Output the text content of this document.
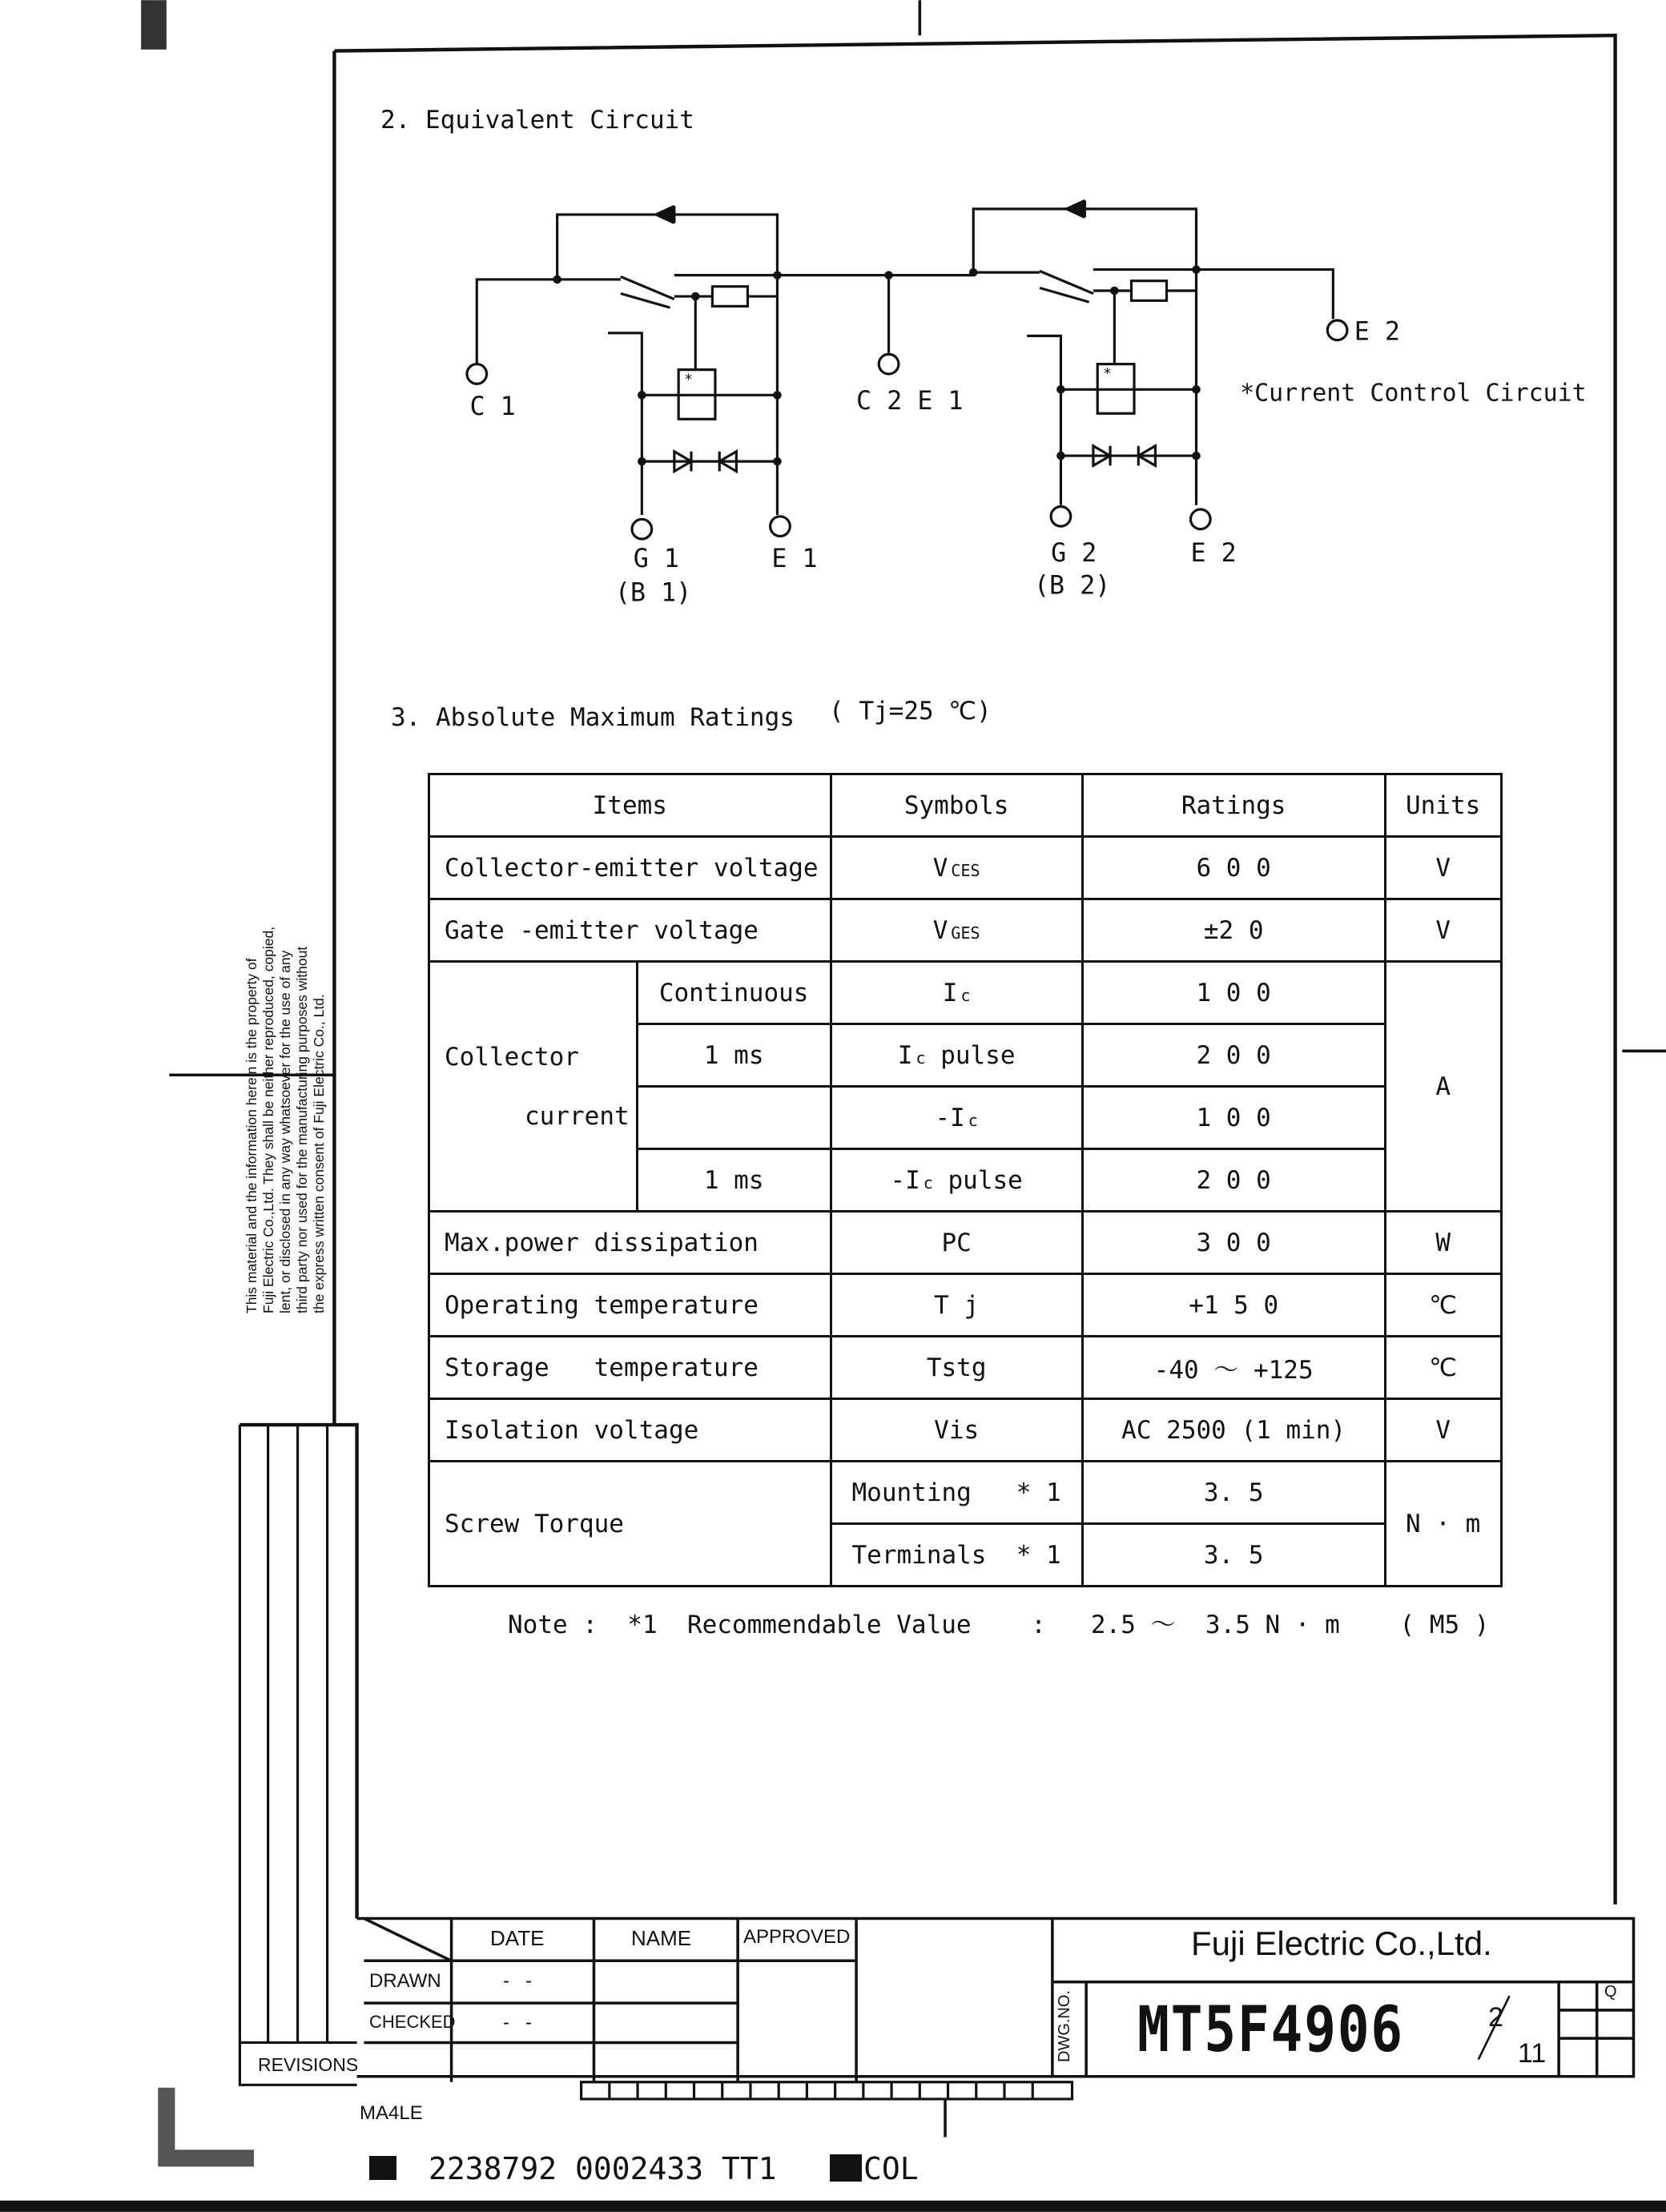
C 1	C 2 E 1
E 2
G 1
(B 1)
E 1	G 2
(B 2)
E 2
*Current Control Circuit
*	*
2. Equivalent Circuit
3. Absolute Maximum Ratings ( Tj=25 ℃)
Items		Symbols	Ratings	Units
Collector-emitter voltage		V CES	6 0 0	V
Gate -emitter voltage		V GES	±2 0	V

Collector
current	Continuous	I c	1 0 0	A
	1 ms	I c pulse	2 0 0	
		-I c	1 0 0	
	1 ms	-I c pulse	2 0 0	
Max.power dissipation		PC	3 0 0	W
Operating temperature		T j	+1 5 0	℃
Storage   temperature		Tstg	-40 ～ +125	℃
Isolation voltage		Vis	AC 2500 (1 min)	V
Screw Torque		Mounting   * 1	3. 5	N · m
		Terminals  * 1	3. 5	
Note :  *1  Recommendable Value    :   2.5 ～  3.5 N · m    ( M5 )
This material and the information herein is the property of Fuji Electric Co.,Ltd. They shall be neither reproduced, copied, lent, or disclosed in any way whatsoever for the use of any third party nor used for the manufacturing purposes without the express written consent of Fuji Electric Co., Ltd.
DATE	NAME	APPROVED
DRAWN
CHECKED
-   -
-   -
REVISIONS
Fuji Electric Co.,Ltd.
DWG.NO. MT5F4906	2
11
Q
MA4LE
2238792 0002433 TT1	COL
